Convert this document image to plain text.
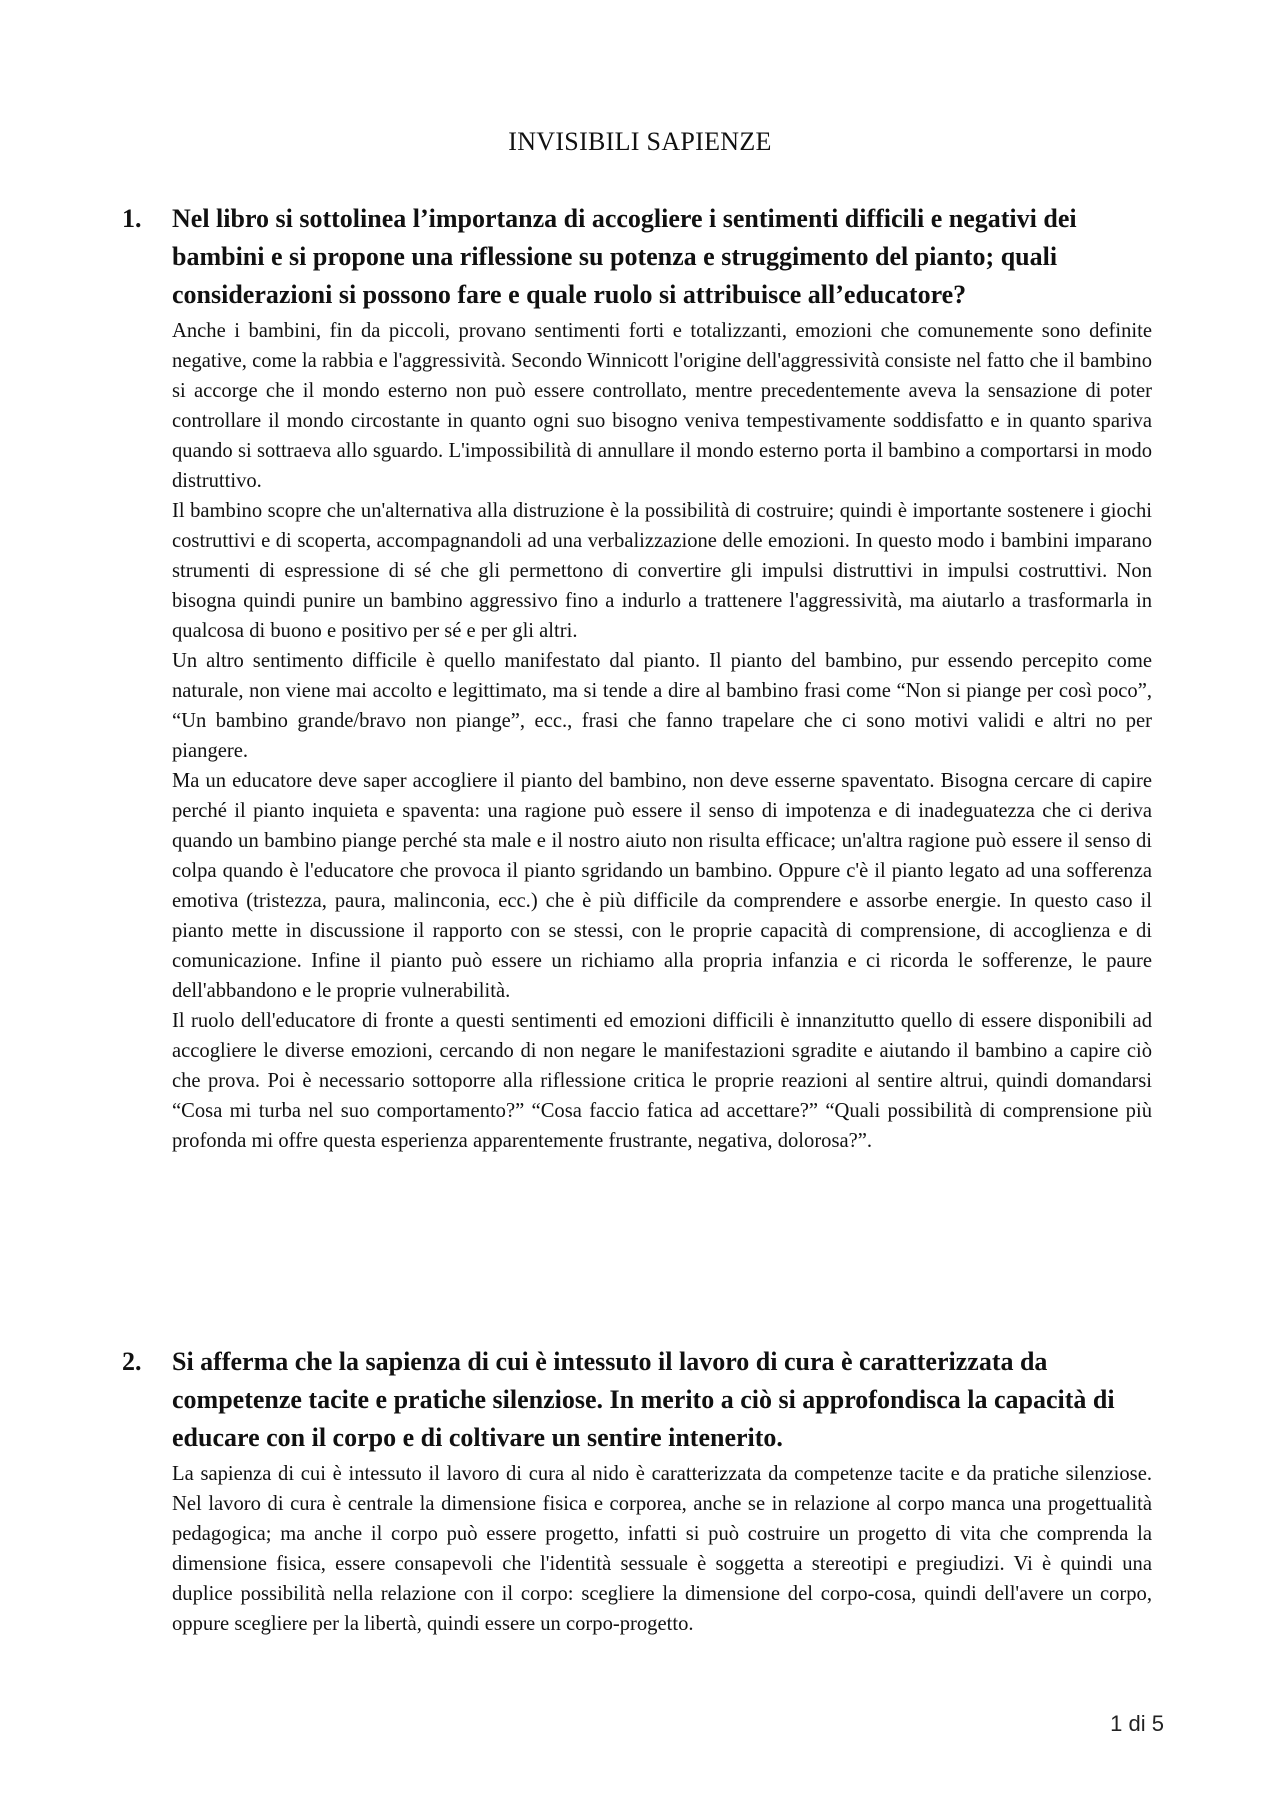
INVISIBILI SAPIENZE
1.	Nel libro si sottolinea l’importanza di accogliere i sentimenti difficili e negativi dei bambini e si propone una riflessione su potenza e struggimento del pianto; quali considerazioni si possono fare e quale ruolo si attribuisce all’educatore?

Anche i bambini, fin da piccoli, provano sentimenti forti e totalizzanti, emozioni che comunemente sono definite negative, come la rabbia e l'aggressività. Secondo Winnicott l'origine dell'aggressività consiste nel fatto che il bambino si accorge che il mondo esterno non può essere controllato, mentre precedentemente aveva la sensazione di poter controllare il mondo circostante in quanto ogni suo bisogno veniva tempestivamente soddisfatto e in quanto spariva quando si sottraeva allo sguardo. L'impossibilità di annullare il mondo esterno porta il bambino a comportarsi in modo distruttivo.

Il bambino scopre che un'alternativa alla distruzione è la possibilità di costruire; quindi è importante sostenere i giochi costruttivi e di scoperta, accompagnandoli ad una verbalizzazione delle emozioni. In questo modo i bambini imparano strumenti di espressione di sé che gli permettono di convertire gli impulsi distruttivi in impulsi costruttivi. Non bisogna quindi punire un bambino aggressivo fino a indurlo a trattenere l'aggressività, ma aiutarlo a trasformarla in qualcosa di buono e positivo per sé e per gli altri.

Un altro sentimento difficile è quello manifestato dal pianto. Il pianto del bambino, pur essendo percepito come naturale, non viene mai accolto e legittimato, ma si tende a dire al bambino frasi come “Non si piange per così poco”, “Un bambino grande/bravo non piange”, ecc., frasi che fanno trapelare che ci sono motivi validi e altri no per piangere.

Ma un educatore deve saper accogliere il pianto del bambino, non deve esserne spaventato. Bisogna cercare di capire perché il pianto inquieta e spaventa: una ragione può essere il senso di impotenza e di inadeguatezza che ci deriva quando un bambino piange perché sta male e il nostro aiuto non risulta efficace; un'altra ragione può essere il senso di colpa quando è l'educatore che provoca il pianto sgridando un bambino. Oppure c'è il pianto legato ad una sofferenza emotiva (tristezza, paura, malinconia, ecc.) che è più difficile da comprendere e assorbe energie. In questo caso il pianto mette in discussione il rapporto con se stessi, con le proprie capacità di comprensione, di accoglienza e di comunicazione. Infine il pianto può essere un richiamo alla propria infanzia e ci ricorda le sofferenze, le paure dell'abbandono e le proprie vulnerabilità.

Il ruolo dell'educatore di fronte a questi sentimenti ed emozioni difficili è innanzitutto quello di essere disponibili ad accogliere le diverse emozioni, cercando di non negare le manifestazioni sgradite e aiutando il bambino a capire ciò che prova. Poi è necessario sottoporre alla riflessione critica le proprie reazioni al sentire altrui, quindi domandarsi “Cosa mi turba nel suo comportamento?” “Cosa faccio fatica ad accettare?” “Quali possibilità di comprensione più profonda mi offre questa esperienza apparentemente frustrante, negativa, dolorosa?”.

2.	Si afferma che la sapienza di cui è intessuto il lavoro di cura è caratterizzata da competenze tacite e pratiche silenziose. In merito a ciò si approfondisca la capacità di educare con il corpo e di coltivare un sentire intenerito.

La sapienza di cui è intessuto il lavoro di cura al nido è caratterizzata da competenze tacite e da pratiche silenziose. Nel lavoro di cura è centrale la dimensione fisica e corporea, anche se in relazione al corpo manca una progettualità pedagogica; ma anche il corpo può essere progetto, infatti si può costruire un progetto di vita che comprenda la dimensione fisica, essere consapevoli che l'identità sessuale è soggetta a stereotipi e pregiudizi. Vi è quindi una duplice possibilità nella relazione con il corpo: scegliere la dimensione del corpo-cosa, quindi dell'avere un corpo, oppure scegliere per la libertà, quindi essere un corpo-progetto.

1 di 5
